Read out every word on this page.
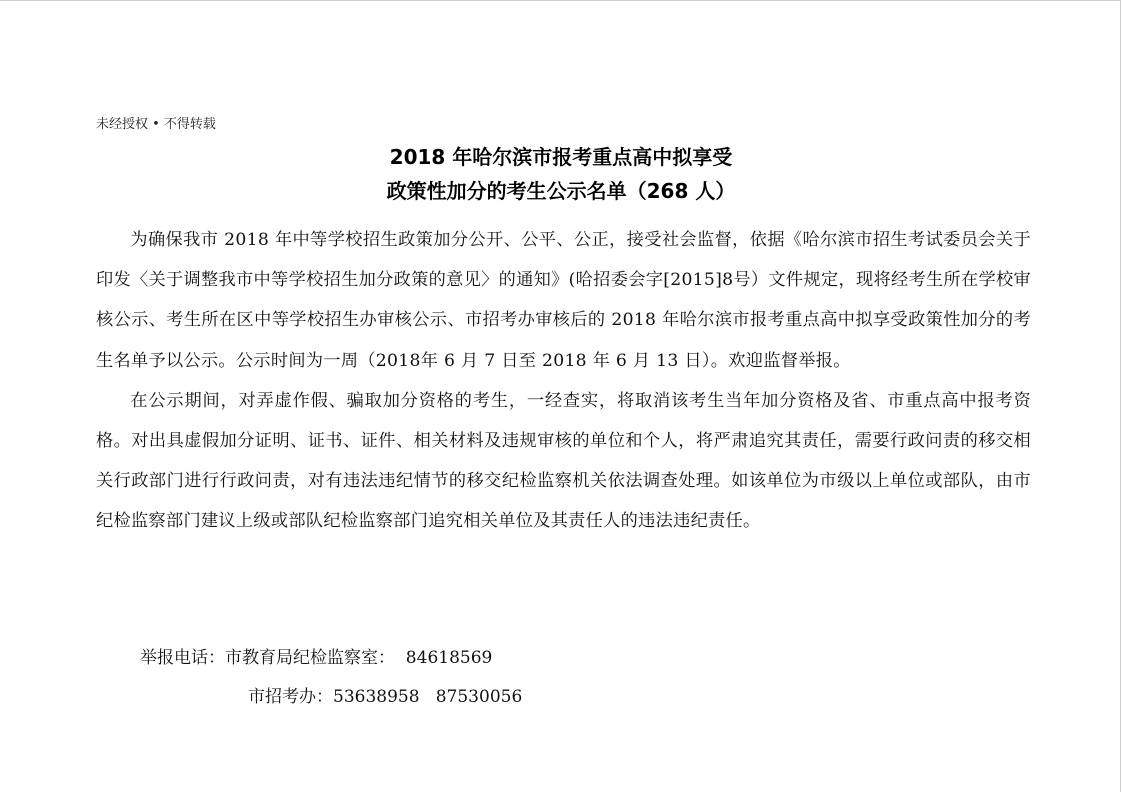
未经授权 • 不得转载
2018 年哈尔滨市报考重点高中拟享受
政策性加分的考生公示名单（268 人）

为确保我市 2018 年中等学校招生政策加分公开、公平、公正，接受社会监督，依据《哈尔滨市招生考试委员会关于印发〈关于调整我市中等学校招生加分政策的意见〉的通知》(哈招委会字[2015]8号）文件规定，现将经考生所在学校审核公示、考生所在区中等学校招生办审核公示、市招考办审核后的 2018 年哈尔滨市报考重点高中拟享受政策性加分的考生名单予以公示。公示时间为一周（2018年 6 月 7 日至 2018 年 6 月 13 日）。欢迎监督举报。

在公示期间，对弄虚作假、骗取加分资格的考生，一经查实，将取消该考生当年加分资格及省、市重点高中报考资格。对出具虚假加分证明、证书、证件、相关材料及违规审核的单位和个人，将严肃追究其责任，需要行政问责的移交相关行政部门进行行政问责，对有违法违纪情节的移交纪检监察机关依法调查处理。如该单位为市级以上单位或部队，由市纪检监察部门建议上级或部队纪检监察部门追究相关单位及其责任人的违法违纪责任。

举报电话：市教育局纪检监察室：  84618569
市招考办：53638958   87530056
